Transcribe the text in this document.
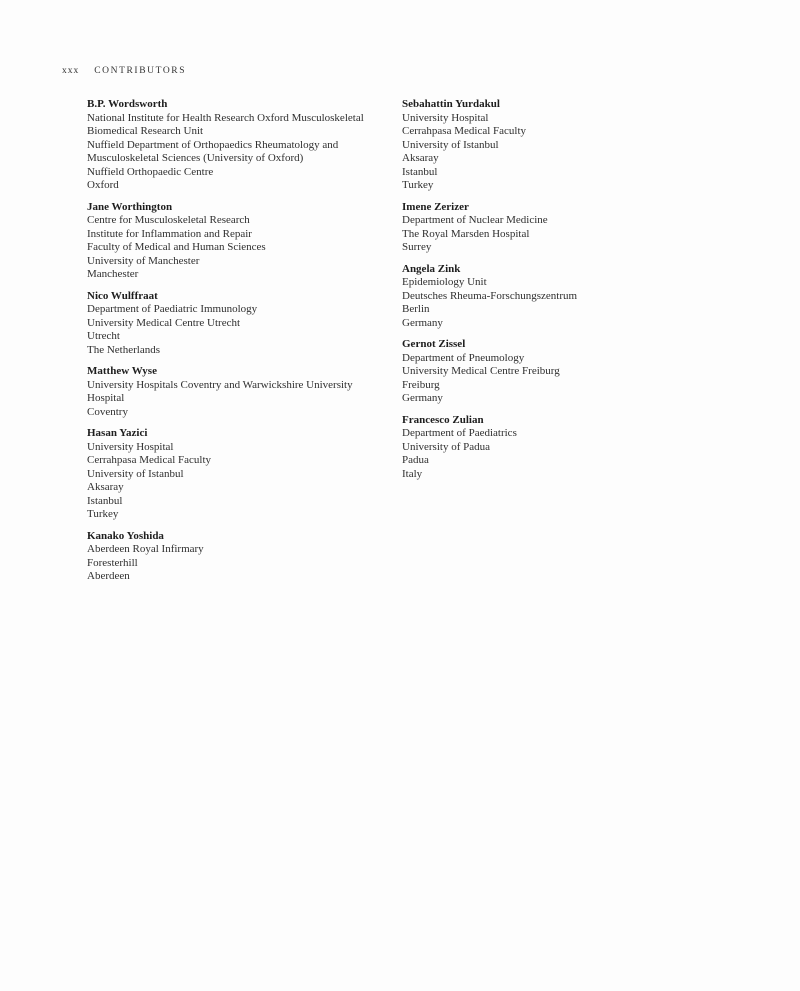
xxx CONTRIBUTORS
B.P. Wordsworth
National Institute for Health Research Oxford Musculoskeletal
Biomedical Research Unit
Nuffield Department of Orthopaedics Rheumatology and
Musculoskeletal Sciences (University of Oxford)
Nuffield Orthopaedic Centre
Oxford
Jane Worthington
Centre for Musculoskeletal Research
Institute for Inflammation and Repair
Faculty of Medical and Human Sciences
University of Manchester
Manchester
Nico Wulffraat
Department of Paediatric Immunology
University Medical Centre Utrecht
Utrecht
The Netherlands
Matthew Wyse
University Hospitals Coventry and Warwickshire University
Hospital
Coventry
Hasan Yazici
University Hospital
Cerrahpasa Medical Faculty
University of Istanbul
Aksaray
Istanbul
Turkey
Kanako Yoshida
Aberdeen Royal Infirmary
Foresterhill
Aberdeen
Sebahattin Yurdakul
University Hospital
Cerrahpasa Medical Faculty
University of Istanbul
Aksaray
Istanbul
Turkey
Imene Zerizer
Department of Nuclear Medicine
The Royal Marsden Hospital
Surrey
Angela Zink
Epidemiology Unit
Deutsches Rheuma-Forschungszentrum
Berlin
Germany
Gernot Zissel
Department of Pneumology
University Medical Centre Freiburg
Freiburg
Germany
Francesco Zulian
Department of Paediatrics
University of Padua
Padua
Italy
